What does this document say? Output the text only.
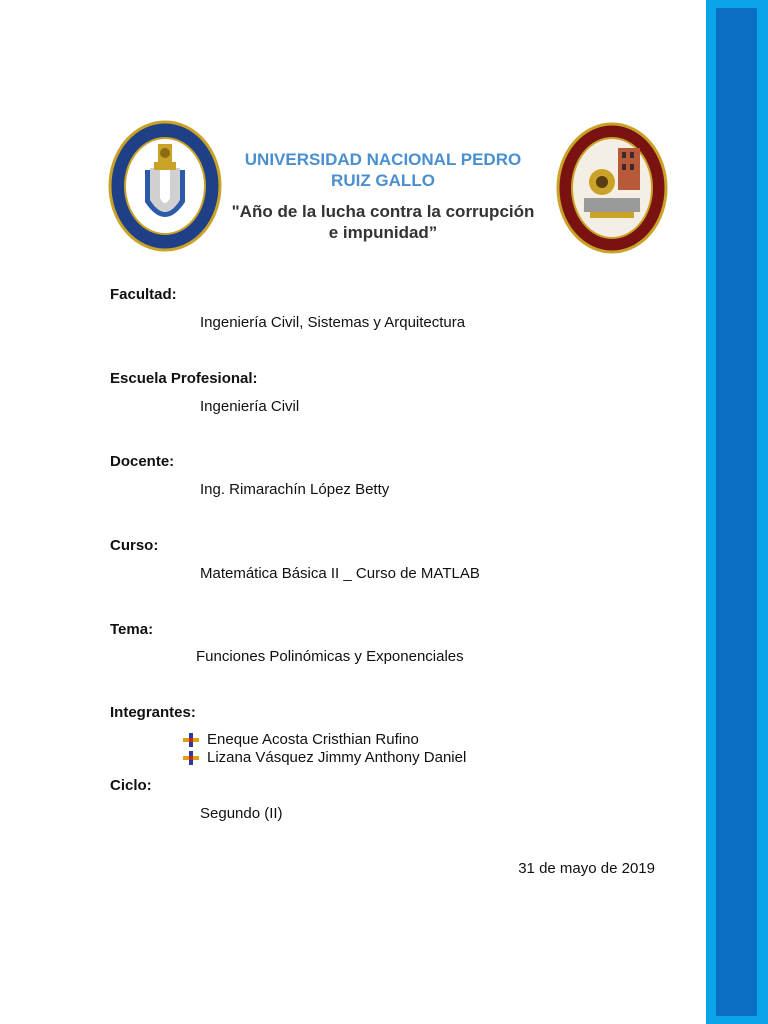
UNIVERSIDAD NACIONAL PEDRO RUIZ GALLO
"Año de la lucha contra la corrupción e impunidad”
Facultad:
Ingeniería Civil, Sistemas y Arquitectura
Escuela Profesional:
Ingeniería Civil
Docente:
Ing. Rimarachín López Betty
Curso:
Matemática Básica II _ Curso de MATLAB
Tema:
Funciones Polinómicas y Exponenciales
Integrantes:
Eneque Acosta Cristhian Rufino
Lizana Vásquez Jimmy Anthony Daniel
Ciclo:
Segundo (II)
31 de mayo de 2019
